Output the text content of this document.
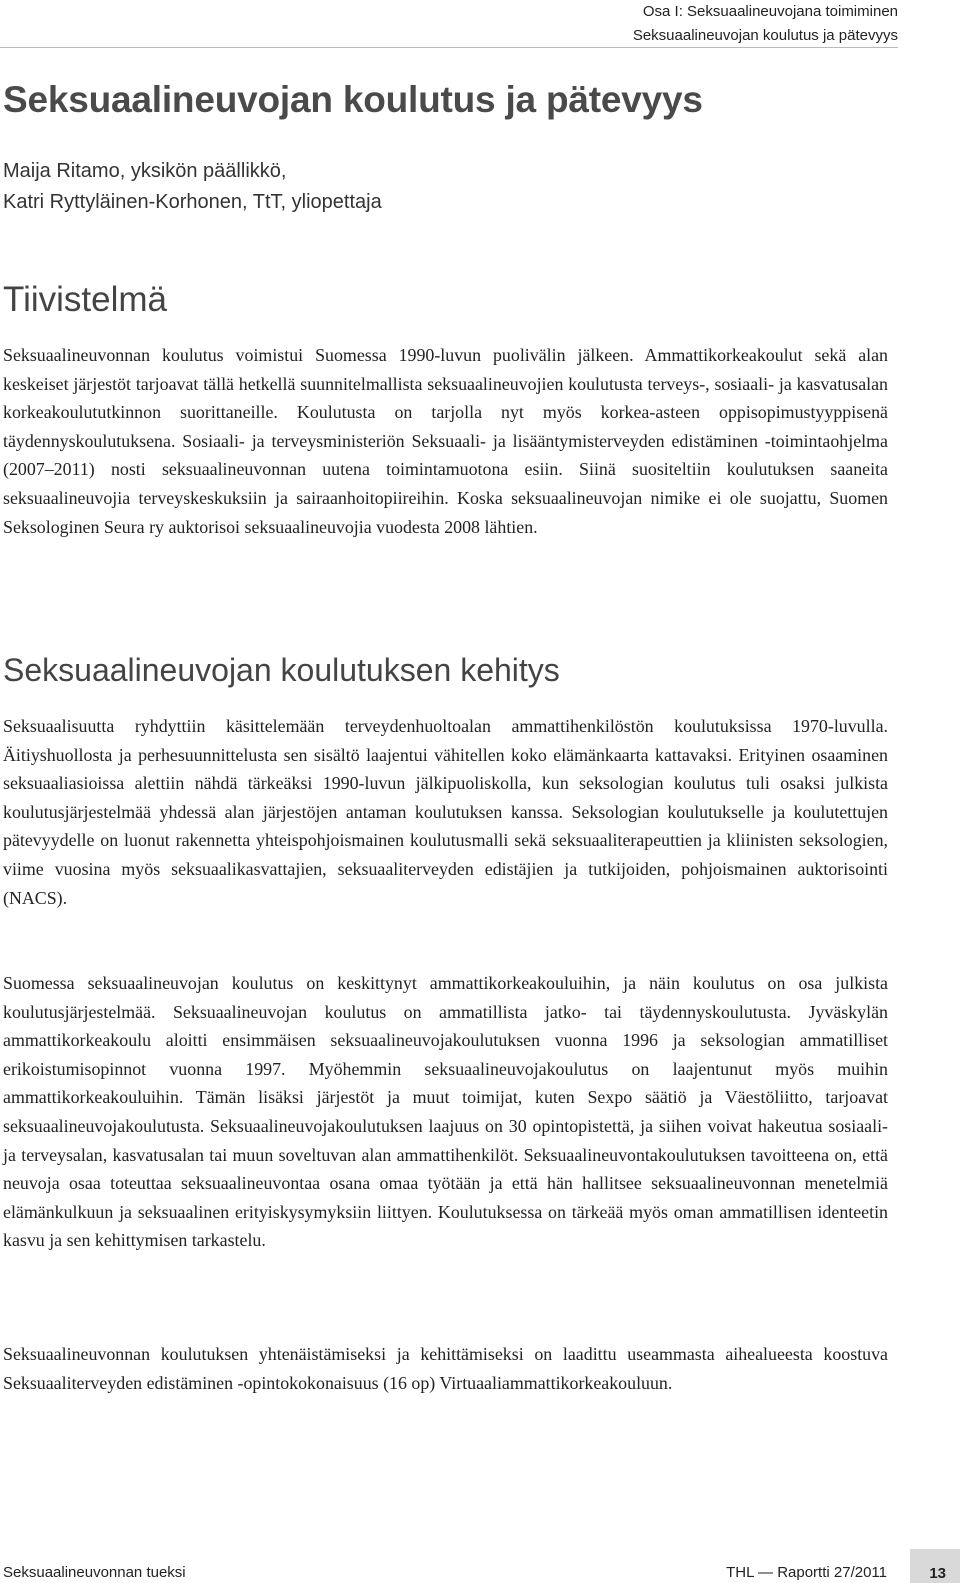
Osa I: Seksuaalineuvojana toimiminen
Seksuaalineuvojan koulutus ja pätevyys
Seksuaalineuvojan koulutus ja pätevyys
Maija Ritamo, yksikön päällikkö,
Katri Ryttyläinen-Korhonen, TtT, yliopettaja
Tiivistelmä

Seksuaalineuvonnan koulutus voimistui Suomessa 1990-luvun puolivälin jälkeen. Ammattikorkeakoulut sekä alan keskeiset järjestöt tarjoavat tällä hetkellä suunnitelmallista seksuaalineuvojien koulutusta terveys-, sosiaali- ja kasvatusalan korkeakoulututkinnon suorittaneille. Koulutusta on tarjolla nyt myös korkea-asteen oppisopimustyyppisenä täydennyskoulutuksena. Sosiaali- ja terveysministeriön Seksuaali- ja lisääntymisterveyden edistäminen -toimintaohjelma (2007–2011) nosti seksuaalineuvonnan uutena toimintamuotona esiin. Siinä suositeltiin koulutuksen saaneita seksuaalineuvojia terveyskeskuksiin ja sairaanhoitopiireihin. Koska seksuaalineuvojan nimike ei ole suojattu, Suomen Seksologinen Seura ry auktorisoi seksuaalineuvojia vuodesta 2008 lähtien.

Seksuaalineuvojan koulutuksen kehitys

Seksuaalisuutta ryhdyttiin käsittelemään terveydenhuoltoalan ammattihenkilöstön koulutuksissa 1970-luvulla. Äitiyshuollosta ja perhesuunnittelusta sen sisältö laajentui vähitellen koko elämänkaarta kattavaksi. Erityinen osaaminen seksuaaliasioissa alettiin nähdä tärkeäksi 1990-luvun jälkipuoliskolla, kun seksologian koulutus tuli osaksi julkista koulutusjärjestelmää yhdessä alan järjestöjen antaman koulutuksen kanssa. Seksologian koulutukselle ja koulutettujen pätevyydelle on luonut rakennetta yhteispohjoismainen koulutusmalli sekä seksuaaliterapeuttien ja kliinisten seksologien, viime vuosina myös seksuaalikasvattajien, seksuaaliterveyden edistäjien ja tutkijoiden, pohjoismainen auktorisointi (NACS).

Suomessa seksuaalineuvojan koulutus on keskittynyt ammattikorkeakouluihin, ja näin koulutus on osa julkista koulutusjärjestelmää. Seksuaalineuvojan koulutus on ammatillista jatko- tai täydennyskoulutusta. Jyväskylän ammattikorkeakoulu aloitti ensimmäisen seksuaalineuvojakoulutuksen vuonna 1996 ja seksologian ammatilliset erikoistumisopinnot vuonna 1997. Myöhemmin seksuaalineuvojakoulutus on laajentunut myös muihin ammattikorkeakouluihin. Tämän lisäksi järjestöt ja muut toimijat, kuten Sexpo säätiö ja Väestöliitto, tarjoavat seksuaalineuvojakoulutusta. Seksuaalineuvojakoulutuksen laajuus on 30 opintopistettä, ja siihen voivat hakeutua sosiaali- ja terveysalan, kasvatusalan tai muun soveltuvan alan ammattihenkilöt. Seksuaalineuvontakoulutuksen tavoitteena on, että neuvoja osaa toteuttaa seksuaalineuvontaa osana omaa työtään ja että hän hallitsee seksuaalineuvonnan menetelmiä elämänkulkuun ja seksuaalinen erityiskysymyksiin liittyen. Koulutuksessa on tärkeää myös oman ammatillisen identeetin kasvu ja sen kehittymisen tarkastelu.

Seksuaalineuvonnan koulutuksen yhtenäistämiseksi ja kehittämiseksi on laadittu useammasta aihealueesta koostuva Seksuaaliterveyden edistäminen -opintokokonaisuus (16 op) Virtuaaliammattikorkeakouluun.

Seksuaalineuvonnan tueksi	THL — Raportti 27/2011	13
